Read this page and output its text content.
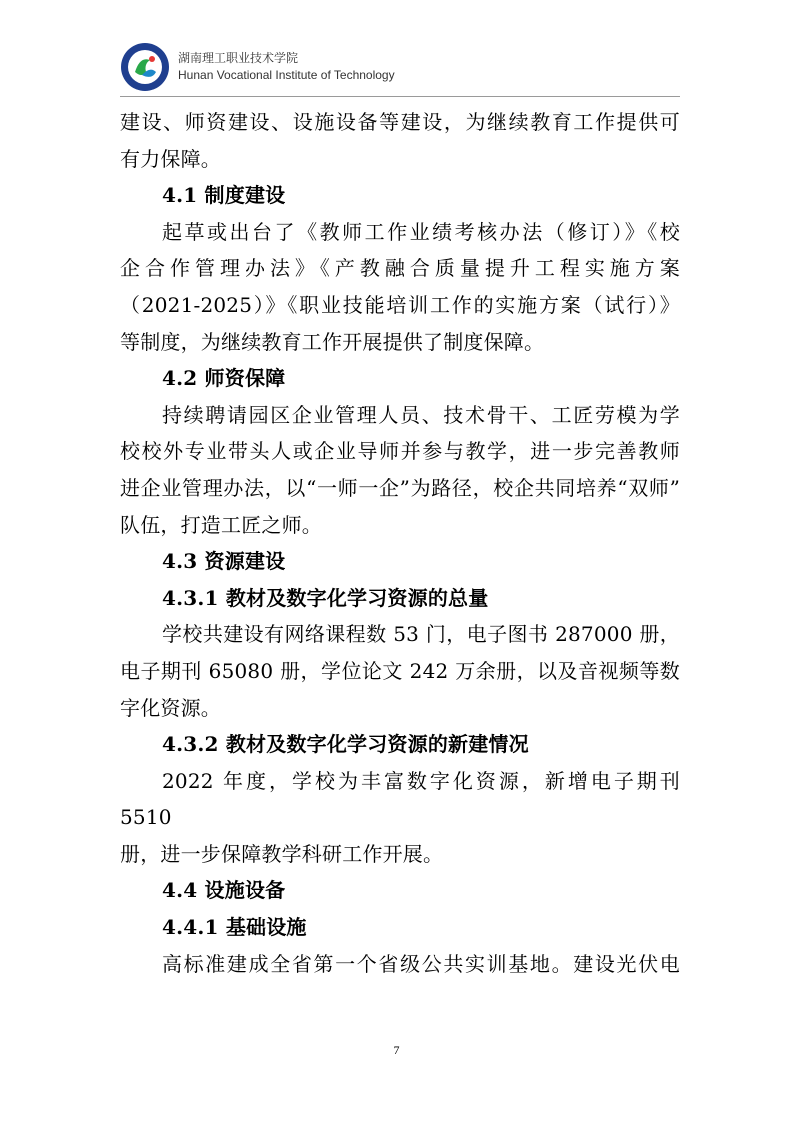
湖南理工职业技术学院
Hunan Vocational Institute of Technology

建设、师资建设、设施设备等建设，为继续教育工作提供可

有力保障。

4.1 制度建设

起草或出台了《教师工作业绩考核办法（修订）》《校

企合作管理办法》《产教融合质量提升工程实施方案

（2021-2025）》《职业技能培训工作的实施方案（试行）》

等制度，为继续教育工作开展提供了制度保障。

4.2 师资保障

持续聘请园区企业管理人员、技术骨干、工匠劳模为学

校校外专业带头人或企业导师并参与教学，进一步完善教师

进企业管理办法，以“一师一企”为路径，校企共同培养“双师”

队伍，打造工匠之师。

4.3 资源建设

4.3.1 教材及数字化学习资源的总量

学校共建设有网络课程数 53 门，电子图书 287000 册，

电子期刊 65080 册，学位论文 242 万余册，以及音视频等数

字化资源。

4.3.2 教材及数字化学习资源的新建情况

2022 年度，学校为丰富数字化资源，新增电子期刊 5510

册，进一步保障教学科研工作开展。

4.4 设施设备

4.4.1 基础设施

高标准建成全省第一个省级公共实训基地。建设光伏电

7
